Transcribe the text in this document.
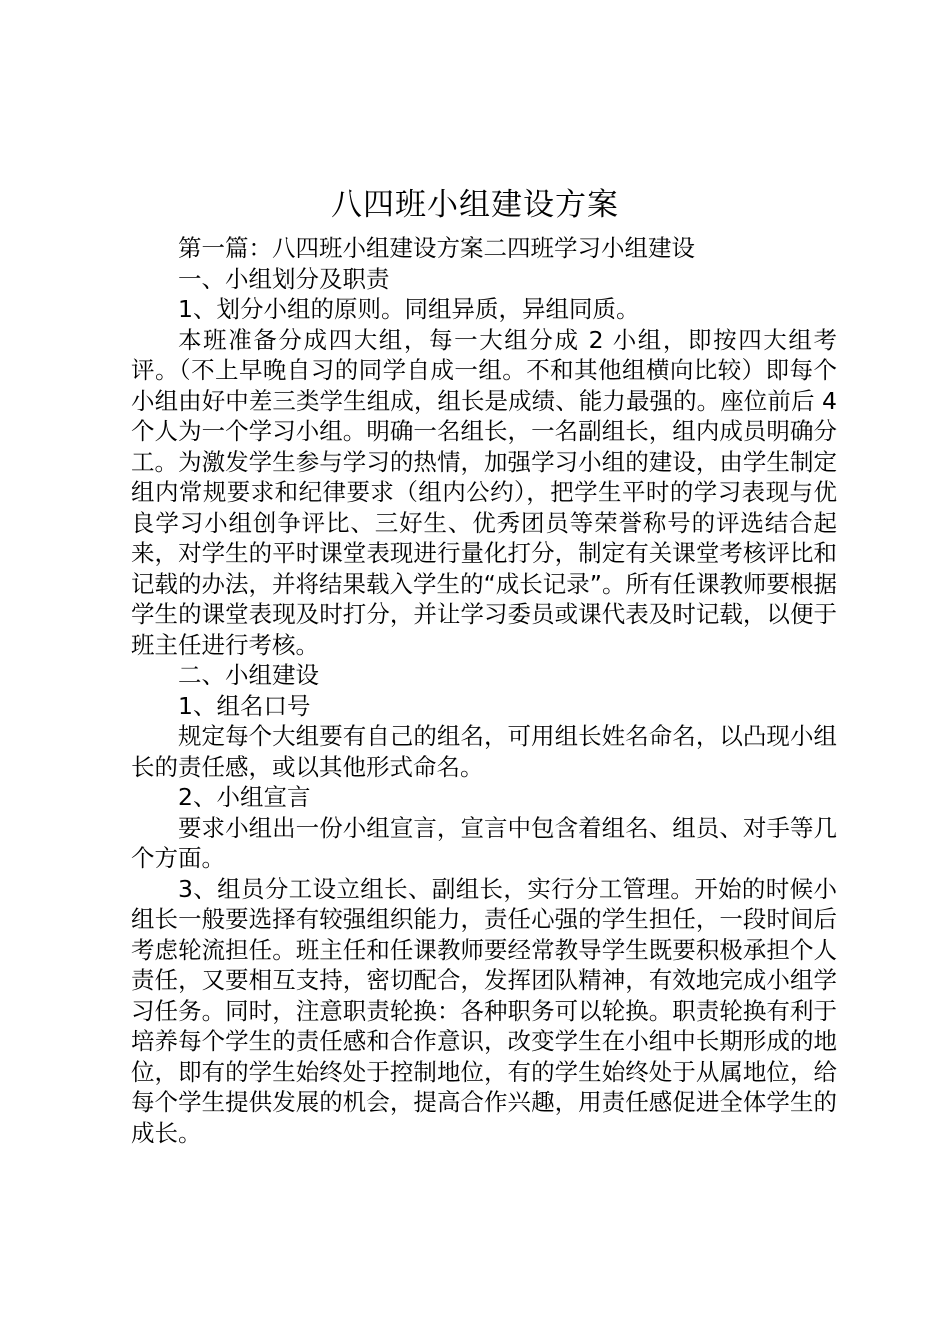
八四班小组建设方案

第一篇：八四班小组建设方案二四班学习小组建设

一、小组划分及职责

1、划分小组的原则。同组异质，异组同质。

本班准备分成四大组，每一大组分成 2 小组，即按四大组考评。（不上早晚自习的同学自成一组。不和其他组横向比较）即每个小组由好中差三类学生组成，组长是成绩、能力最强的。座位前后 4 个人为一个学习小组。明确一名组长，一名副组长，组内成员明确分工。为激发学生参与学习的热情，加强学习小组的建设，由学生制定组内常规要求和纪律要求（组内公约），把学生平时的学习表现与优良学习小组创争评比、三好生、优秀团员等荣誉称号的评选结合起来，对学生的平时课堂表现进行量化打分，制定有关课堂考核评比和记载的办法，并将结果载入学生的“成长记录”。所有任课教师要根据学生的课堂表现及时打分，并让学习委员或课代表及时记载，以便于班主任进行考核。

二、小组建设

1、组名口号

规定每个大组要有自己的组名，可用组长姓名命名，以凸现小组长的责任感，或以其他形式命名。

2、小组宣言

要求小组出一份小组宣言，宣言中包含着组名、组员、对手等几个方面。

3、组员分工设立组长、副组长，实行分工管理。开始的时候小组长一般要选择有较强组织能力，责任心强的学生担任，一段时间后考虑轮流担任。班主任和任课教师要经常教导学生既要积极承担个人责任，又要相互支持，密切配合，发挥团队精神，有效地完成小组学习任务。同时，注意职责轮换：各种职务可以轮换。职责轮换有利于培养每个学生的责任感和合作意识，改变学生在小组中长期形成的地位，即有的学生始终处于控制地位，有的学生始终处于从属地位，给每个学生提供发展的机会，提高合作兴趣，用责任感促进全体学生的成长。
